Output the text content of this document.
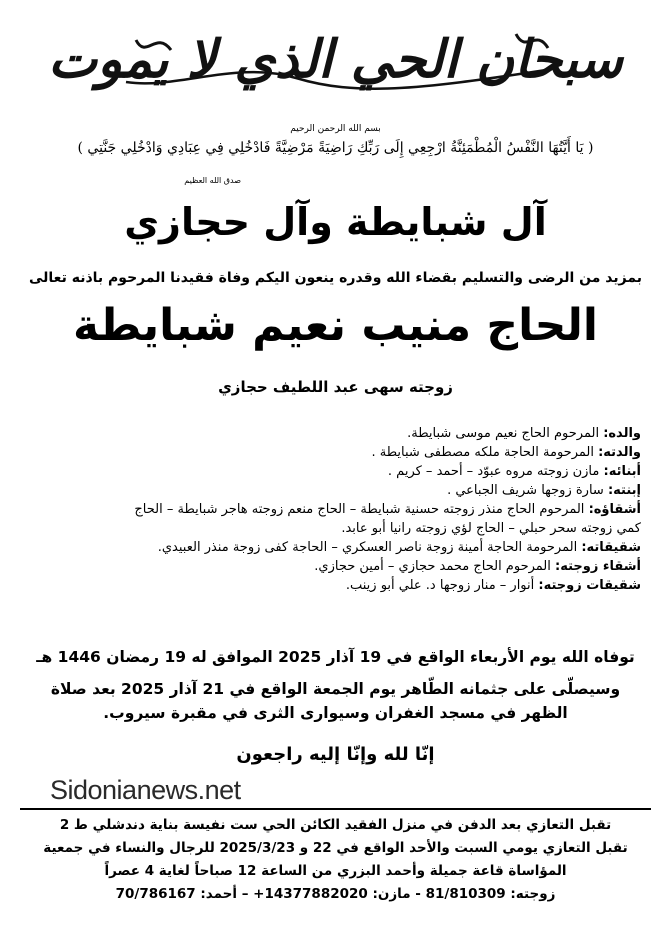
سبحان الحي الذي لا يموت
بسم الله الرحمن الرحيم
( يَا أَيَّتُهَا النَّفْسُ الْمُطْمَئِنَّةُ ارْجِعِي إِلَى رَبِّكِ رَاضِيَةً مَرْضِيَّةً فَادْخُلِي فِي عِبَادِي وَادْخُلِي جَنَّتِي )
صدق الله العظيم
آل شبايطة وآل حجازي
بمزيد من الرضى والتسليم بقضاء الله وقدره ينعون اليكم وفاة فقيدنا المرحوم باذنه تعالى
الحاج منيب نعيم شبايطة
زوجته سهى عبد اللطيف حجازي
والده: المرحوم الحاج نعيم موسى شبايطة.
والدته: المرحومة الحاجة ملكه مصطفى شبايطة .
أبنائه: مازن زوجته مروه عبوّد – أحمد – كريم .
إبنته: سارة زوجها شريف الجباعي .
أشقاؤه: المرحوم الحاج منذر زوجته حسنية شبايطة – الحاج منعم زوجته هاجر شبايطة – الحاج
كمي زوجته سحر حبلي – الحاج لؤي زوجته رانيا أبو عابد.
شقيقاته: المرحومة الحاجة أمينة زوجة ناصر العسكري – الحاجة كفى زوجة منذر العبيدي.
أشقاء زوجته: المرحوم الحاج محمد حجازي – أمين حجازي.
شقيقات زوجته: أنوار – منار زوجها د. علي أبو زينب.
توفاه الله يوم الأربعاء الواقع في 19 آذار 2025 الموافق له 19 رمضان 1446 هـ
وسيصلّى على جثمانه الطّاهر يوم الجمعة الواقع في 21 آذار 2025 بعد صلاة
الظهر في مسجد الغفران وسيوارى الثرى في مقبرة سيروب.
إنّا لله وإنّا إليه راجعون
Sidonianews.net
تقبل التعازي بعد الدفن في منزل الفقيد الكائن الحي ست نفيسة بناية دندشلي ط 2
تقبل التعازي يومي السبت والأحد الواقع في 22 و 2025/3/23 للرجال والنساء في جمعية
المؤاساة قاعة جميلة وأحمد البزري من الساعة 12 صباحاً لغاية 4 عصراً
زوجته: 81/810309 - مازن: 14377882020+ – أحمد: 70/786167
